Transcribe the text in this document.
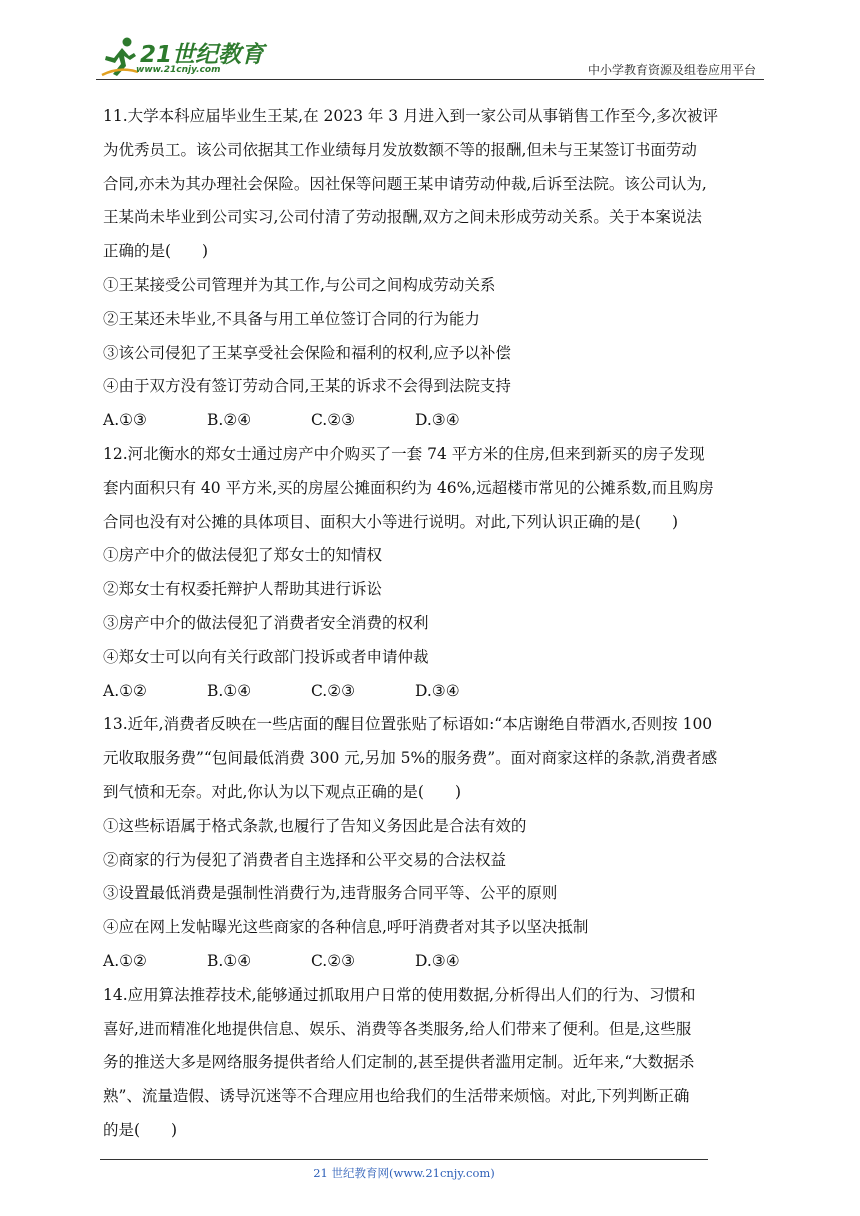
21世纪教育
www.21cnjy.com	中小学教育资源及组卷应用平台
11.大学本科应届毕业生王某,在 2023 年 3 月进入到一家公司从事销售工作至今,多次被评
为优秀员工。该公司依据其工作业绩每月发放数额不等的报酬,但未与王某签订书面劳动
合同,亦未为其办理社会保险。因社保等问题王某申请劳动仲裁,后诉至法院。该公司认为,
王某尚未毕业到公司实习,公司付清了劳动报酬,双方之间未形成劳动关系。关于本案说法
正确的是(　　)
①王某接受公司管理并为其工作,与公司之间构成劳动关系
②王某还未毕业,不具备与用工单位签订合同的行为能力
③该公司侵犯了王某享受社会保险和福利的权利,应予以补偿
④由于双方没有签订劳动合同,王某的诉求不会得到法院支持
A.①③	B.②④	C.②③	D.③④
12.河北衡水的郑女士通过房产中介购买了一套 74 平方米的住房,但来到新买的房子发现
套内面积只有 40 平方米,买的房屋公摊面积约为 46%,远超楼市常见的公摊系数,而且购房
合同也没有对公摊的具体项目、面积大小等进行说明。对此,下列认识正确的是(　　)
①房产中介的做法侵犯了郑女士的知情权
②郑女士有权委托辩护人帮助其进行诉讼
③房产中介的做法侵犯了消费者安全消费的权利
④郑女士可以向有关行政部门投诉或者申请仲裁
A.①②	B.①④	C.②③	D.③④
13.近年,消费者反映在一些店面的醒目位置张贴了标语如:“本店谢绝自带酒水,否则按 100
元收取服务费”“包间最低消费 300 元,另加 5%的服务费”。面对商家这样的条款,消费者感
到气愤和无奈。对此,你认为以下观点正确的是(　　)
①这些标语属于格式条款,也履行了告知义务因此是合法有效的
②商家的行为侵犯了消费者自主选择和公平交易的合法权益
③设置最低消费是强制性消费行为,违背服务合同平等、公平的原则
④应在网上发帖曝光这些商家的各种信息,呼吁消费者对其予以坚决抵制
A.①②	B.①④	C.②③	D.③④
14.应用算法推荐技术,能够通过抓取用户日常的使用数据,分析得出人们的行为、习惯和
喜好,进而精准化地提供信息、娱乐、消费等各类服务,给人们带来了便利。但是,这些服
务的推送大多是网络服务提供者给人们定制的,甚至提供者滥用定制。近年来,“大数据杀
熟”、流量造假、诱导沉迷等不合理应用也给我们的生活带来烦恼。对此,下列判断正确
的是(　　)
21 世纪教育网(www.21cnjy.com)
